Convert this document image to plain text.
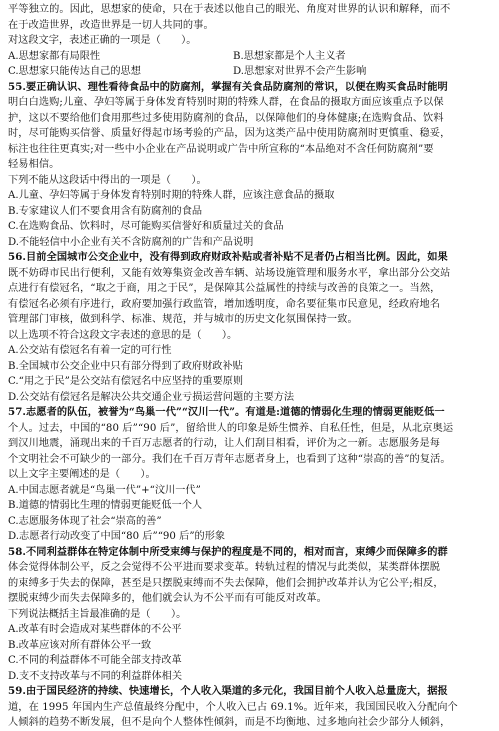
平等独立的。因此，思想家的使命，只在于表述以他自己的眼光、角度对世界的认识和解释，而不
在于改造世界，改造世界是一切人共同的事。
对这段文字，表述正确的一项是（　　）。
A.思想家都有局限性	B.思想家都是个人主义者
C.思想家只能传达自己的思想	D.思想家对世界不会产生影响
55.要正确认识、理性看待食品中的防腐剂，掌握有关食品防腐剂的常识，以便在购买食品时能明
明白白选购;儿童、孕妇等属于身体发育特别时期的特殊人群，在食品的摄取方面应该重点予以保
护，这以不要给他们食用那些过多使用防腐剂的食品，以保障他们的身体健康;在选购食品、饮料
时，尽可能购买信誉、质量好得起市场考验的产品，因为这类产品中使用防腐剂时更慎重、稳妥，
标注也往往更真实;对一些中小企业在产品说明或广告中所宣称的“本品绝对不含任何防腐剂”要
轻易相信。
下列不能从这段话中得出的一项是（　　）。
A.儿童、孕妇等属于身体发育特别时期的特殊人群，应该注意食品的摄取
B.专家建议人们不要食用含有防腐剂的食品
C.在选购食品、饮料时，尽可能购买信誉好和质量过关的食品
D.不能轻信中小企业有关不含防腐剂的广告和产品说明
56.目前全国城市公交企业中，没有得到政府财政补贴或者补贴不足者仍占相当比例。因此，如果
既不妨碍市民出行便利，又能有效筹集资金改善车辆、站场设施管理和服务水平，拿出部分公交站
点进行有偿冠名，“取之于商，用之于民”，是保障其公益属性的持续与改善的良策之一。当然，
有偿冠名必须有序进行，政府要加强行政监管，增加透明度，命名要征集市民意见，经政府地名
管理部门审核，做到科学、标准、规范，并与城市的历史文化氛围保持一致。
以上选项不符合这段文字表述的意思的是（　　）。
A.公交站有偿冠名有着一定的可行性
B.全国城市公交企业中只有部分得到了政府财政补贴
C.“用之于民”是公交站有偿冠名中应坚持的重要原则
D.公交站有偿冠名是解决公共交通企业亏损运营问题的主要方法
57.志愿者的队伍，被誉为“鸟巢一代”“汉川一代”。有道是:道德的情弱化生理的情弱更能贬低一
个人。过去，中国的“80 后”“90 后”，留给世人的印象是娇生惯养、自私任性，但是，从北京奥运
到汉川地震，涌现出来的千百万志愿者的行动，让人们刮目相看，评价为之一新。志愿服务是每
个文明社会不可缺少的一部分。我们在千百万青年志愿者身上，也看到了这种“崇高的善”的复活。
以上文字主要阐述的是（　　）。
A.中国志愿者就是“鸟巢一代”+“汶川一代”
B.道德的情弱比生理的情弱更能贬低一个人
C.志愿服务体现了社会“崇高的善”
D.志愿者行动改变了中国“80 后”“90 后”的形象
58.不同利益群体在特定体制中所受束缚与保护的程度是不同的，相对而言，束缚少而保障多的群
体会觉得体制公平，反之会觉得不公平进而要求变革。转轨过程的情况与此类似，某类群体摆脱
的束缚多于失去的保障，甚至是只摆脱束缚而不失去保障，他们会拥护改革并认为它公平;相反，
摆脱束缚少而失去保障多的，他们就会认为不公平而有可能反对改革。
下列说法概括主旨最准确的是（　　）。
A.改革有时会造成对某些群体的不公平
B.改革应该对所有群体公平一致
C.不同的利益群体不可能全部支持改革
D.支不支持改革与不同的利益群体相关
59.由于国民经济的持续、快速增长，个人收入渠道的多元化，我国目前个人收入总量庞大，据报
道，在 1995 年国内生产总值最终分配中，个人收入已占 69.1%。近年来，我国国民收入分配向个
人倾斜的趋势不断发展，但不是向个人整体性倾斜，而是不均衡地、过多地向社会少部分人倾斜，
